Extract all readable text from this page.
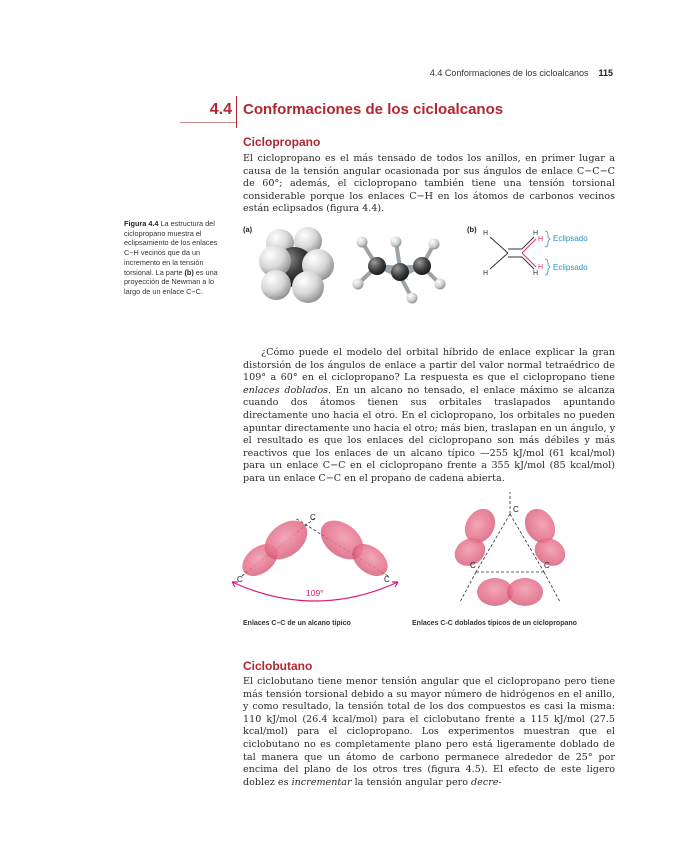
4.4 Conformaciones de los cicloalcanos 115
4.4 Conformaciones de los cicloalcanos
Ciclopropano

El ciclopropano es el más tensado de todos los anillos, en primer lugar a causa de la tensión angular ocasionada por sus ángulos de enlace C−C−C de 60°; además, el ciclopropano también tiene una tensión torsional considerable porque los enlaces C−H en los átomos de carbonos vecinos están eclipsados (figura 4.4).

Figura 4.4 La estructura del ciclopropano muestra el eclipsamiento de los enlaces C−H vecinos que da un incremento en la tensión torsional. La parte (b) es una proyección de Newman a lo largo de un enlace C−C.
(a)	(b) H
H
H
H
H
H
Eclipsado
Eclipsado

¿Cómo puede el modelo del orbital híbrido de enlace explicar la gran distorsión de los ángulos de enlace a partir del valor normal tetraédrico de 109° a 60° en el ciclopropano? La respuesta es que el ciclopropano tiene enlaces doblados. En un alcano no tensado, el enlace máximo se alcanza cuando dos átomos tienen sus orbitales traslapados apuntando directamente uno hacia el otro. En el ciclopropano, los orbitales no pueden apuntar directamente uno hacia el otro; más bien, traslapan en un ángulo, y el resultado es que los enlaces del ciclopropano son más débiles y más reactivos que los enlaces de un alcano típico —255 kJ/mol (61 kcal/mol) para un enlace C−C en el ciclopropano frente a 355 kJ/mol (85 kcal/mol) para un enlace C−C en el propano de cadena abierta.

C
C
C
109°
C
C	C
Enlaces C–C de un alcano típico	Enlaces C-C doblados típicos de un ciclopropano
Ciclobutano

El ciclobutano tiene menor tensión angular que el ciclopropano pero tiene más tensión torsional debido a su mayor número de hidrógenos en el anillo, y como resultado, la tensión total de los dos compuestos es casi la misma: 110 kJ/mol (26.4 kcal/mol) para el ciclobutano frente a 115 kJ/mol (27.5 kcal/mol) para el ciclopropano. Los experimentos muestran que el ciclobutano no es completamente plano pero está ligeramente doblado de tal manera que un átomo de carbono permanece alrededor de 25° por encima del plano de los otros tres (figura 4.5). El efecto de este ligero doblez es incrementar la tensión angular pero decre-
